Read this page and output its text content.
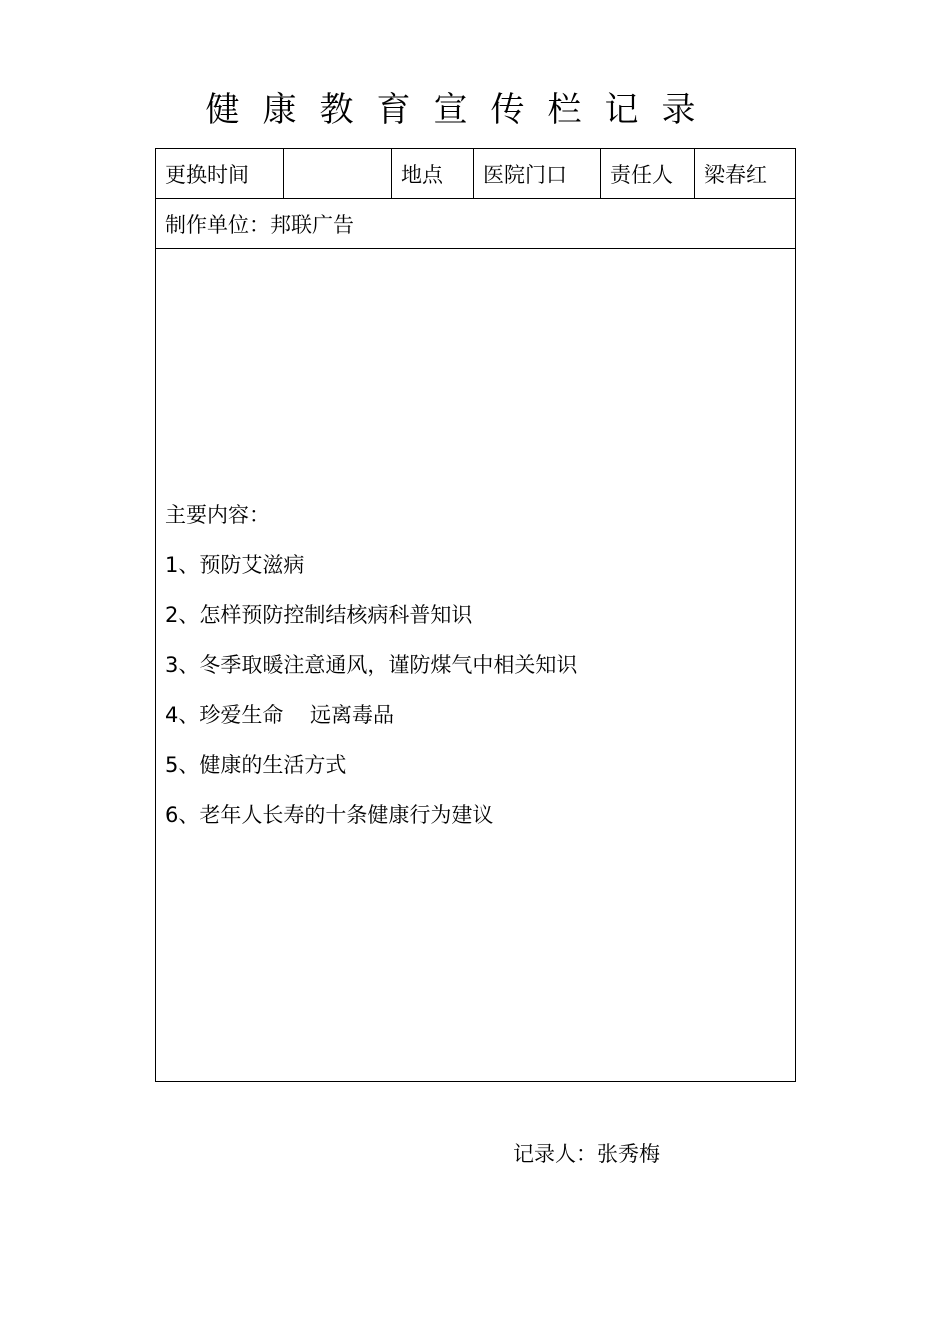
健康教育宣传栏记录
更换时间		地点	医院门口	责任人	梁春红
制作单位：邦联广告

主要内容：
1、预防艾滋病
2、怎样预防控制结核病科普知识
3、冬季取暖注意通风，谨防煤气中相关知识
4、珍爱生命    远离毒品
5、健康的生活方式
6、老年人长寿的十条健康行为建议
记录人：张秀梅
